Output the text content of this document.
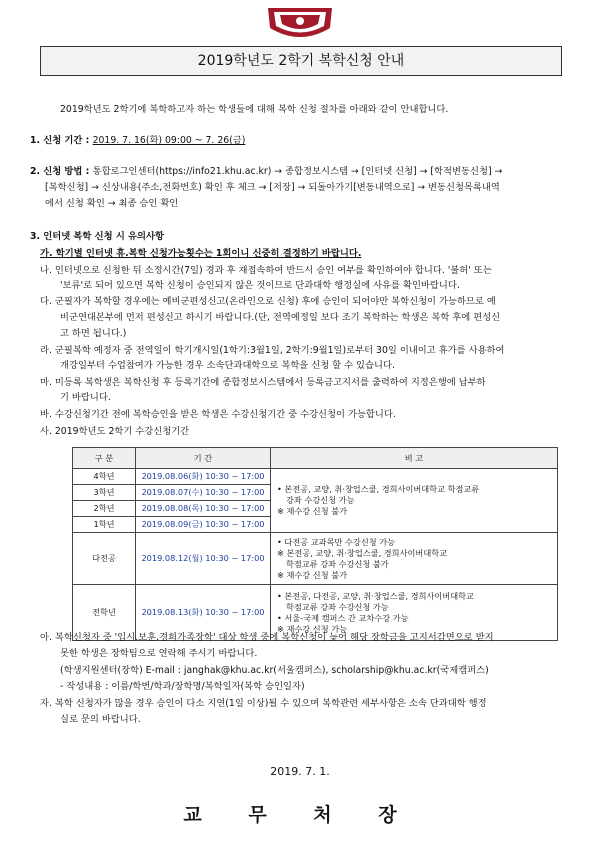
2019학년도 2학기 복학신청 안내
2019학년도 2학기에 복학하고자 하는 학생들에 대해 복학 신청 절차를 아래와 같이 안내합니다.
1. 신청 기간 : 2019. 7. 16(화) 09:00 ~ 7. 26(금)
2. 신청 방법 : 통합로그인센터(https://info21.khu.ac.kr) → 종합정보시스템 → [인터넷 신청] → [학적변동신청] →
[복학신청] → 신상내용(주소,전화번호) 확인 후 체크 → [저장] → 되돌아가기[변동내역으로] → 변동신청목록내역
에서 신청 확인 → 최종 승인 확인
3. 인터넷 복학 신청 시 유의사항
가. 학기별 인터넷 휴.복학 신청가능횟수는 1회이니 신중히 결정하기 바랍니다.
나. 인터넷으로 신청한 뒤 소정시간(7일) 경과 후 재접속하여 반드시 승인 여부를 확인하여야 합니다. '불허' 또는
'보류'로 되어 있으면 복학 신청이 승인되지 않은 것이므로 단과대학 행정실에 사유를 확인바랍니다.
다. 군필자가 복학할 경우에는 예비군편성신고(온라인으로 신청) 후에 승인이 되어야만 복학신청이 가능하므로 예
비군연대본부에 먼저 편성신고 하시기 바랍니다.(단, 전역예정일 보다 조기 복학하는 학생은 복학 후에 편성신
고 하면 됩니다.)
라. 군필복학 예정자 중 전역일이 학기개시일(1학기:3월1일, 2학기:9월1일)로부터 30일 이내이고 휴가를 사용하여
개강일부터 수업참여가 가능한 경우 소속단과대학으로 복학을 신청 할 수 있습니다.
마. 미등록 복학생은 복학신청 후 등록기간에 종합정보시스템에서 등록금고지서를 출력하여 지정은행에 납부하
기 바랍니다.
바. 수강신청기간 전에 복학승인을 받은 학생은 수강신청기간 중 수강신청이 가능합니다.
사. 2019학년도 2학기 수강신청기간
구 분	기 간	비 고
4학년	2019.08.06(화) 10:30 ~ 17:00	• 본전공, 교양, 취·창업스쿨, 경희사이버대학교 학점교류
강좌 수강신청 가능
※ 재수강 신청 불가

3학년	2019.08.07(수) 10:30 ~ 17:00	
2학년	2019.08.08(목) 10:30 ~ 17:00	
1학년	2019.08.09(금) 10:30 ~ 17:00	
다전공	2019.08.12(월) 10:30 ~ 17:00	• 다전공 교과목만 수강신청 가능
※ 본전공, 교양, 취·창업스쿨, 경희사이버대학교
학점교류 강좌 수강신청 불가
※ 재수강 신청 불가

전학년	2019.08.13(화) 10:30 ~ 17:00	• 본전공, 다전공, 교양, 취·창업스쿨, 경희사이버대학교
학점교류 강좌 수강신청 가능
• 서울-국제 캠퍼스 간 교차수강 가능
※ 재수강 신청 가능
아. 복학신청자 중 '입시.보훈.경희가족장학' 대상 학생 중에 복학신청이 늦어 해당 장학금을 고지서감면으로 받지
못한 학생은 장학팀으로 연락해 주시기 바랍니다.
(학생지원센터(장학) E-mail : janghak@khu.ac.kr(서울캠퍼스), scholarship@khu.ac.kr(국제캠퍼스)
- 작성내용 : 이름/학번/학과/장학명/복학일자(복학 승인일자)
자. 복학 신청자가 많을 경우 승인이 다소 지연(1일 이상)될 수 있으며 복학관련 세부사항은 소속 단과대학 행정
실로 문의 바랍니다.
2019. 7. 1.
교 무 처 장
